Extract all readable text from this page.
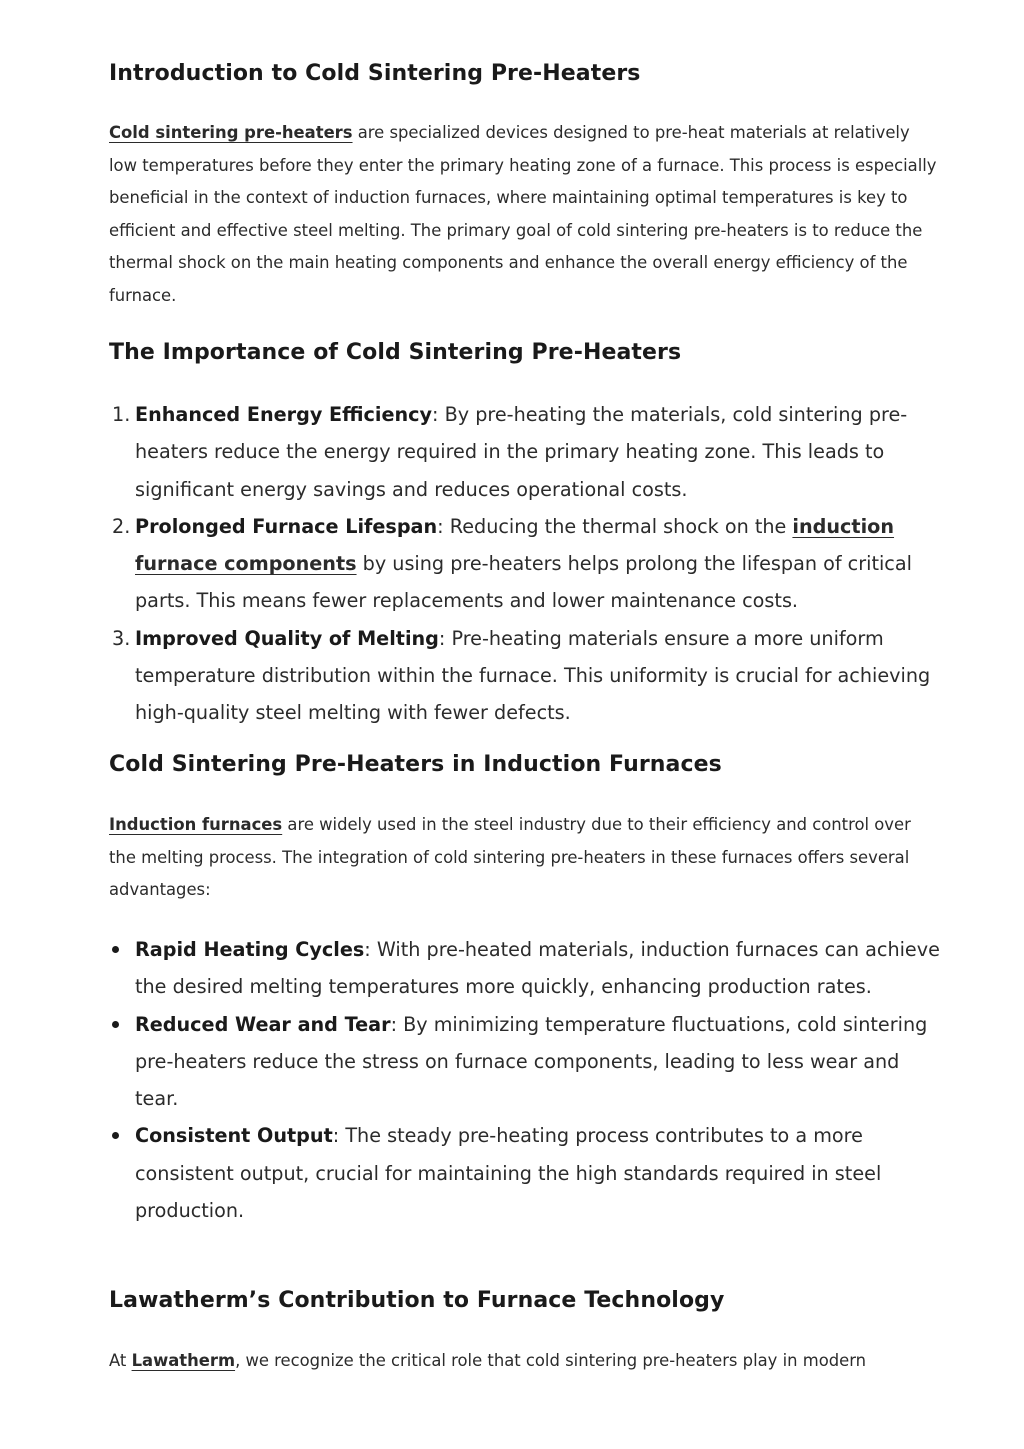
Introduction to Cold Sintering Pre-Heaters

Cold sintering pre-heaters are specialized devices designed to pre-heat materials at relatively low temperatures before they enter the primary heating zone of a furnace. This process is especially beneficial in the context of induction furnaces, where maintaining optimal temperatures is key to efficient and effective steel melting. The primary goal of cold sintering pre-heaters is to reduce the thermal shock on the main heating components and enhance the overall energy efficiency of the furnace.

The Importance of Cold Sintering Pre-Heaters
1. Enhanced Energy Efficiency: By pre-heating the materials, cold sintering pre-heaters reduce the energy required in the primary heating zone. This leads to significant energy savings and reduces operational costs.
2. Prolonged Furnace Lifespan: Reducing the thermal shock on the induction furnace components by using pre-heaters helps prolong the lifespan of critical parts. This means fewer replacements and lower maintenance costs.
3. Improved Quality of Melting: Pre-heating materials ensure a more uniform temperature distribution within the furnace. This uniformity is crucial for achieving high-quality steel melting with fewer defects.
Cold Sintering Pre-Heaters in Induction Furnaces

Induction furnaces are widely used in the steel industry due to their efficiency and control over the melting process. The integration of cold sintering pre-heaters in these furnaces offers several advantages:

Rapid Heating Cycles: With pre-heated materials, induction furnaces can achieve the desired melting temperatures more quickly, enhancing production rates.
Reduced Wear and Tear: By minimizing temperature fluctuations, cold sintering pre-heaters reduce the stress on furnace components, leading to less wear and tear.
Consistent Output: The steady pre-heating process contributes to a more consistent output, crucial for maintaining the high standards required in steel production.
Lawatherm’s Contribution to Furnace Technology

At Lawatherm, we recognize the critical role that cold sintering pre-heaters play in modern
